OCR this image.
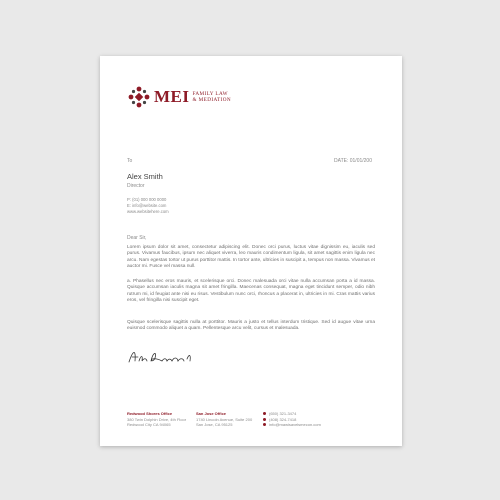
MEI FAMILY LAW
& MEDIATION
To	DATE: 01/01/200
Alex Smith
Director
P: (01) 000 000 0000
E: info@website.com
www.websitehere.com
Dear Sir,
Lorem ipsum dolor sit amet, consectetur adipiscing elit. Donec orci purus, luctus vitae dignissim eu, iaculis sed purus. Vivamus faucibus, ipsum nec aliquet viverra, leo mauris condimentum ligula, sit amet sagittis enim ligula nec arcu. Nam egestas tortor ut purus porttitor mattis. In tortor ante, ultricies in suscipit a, tempus non massa. Vivamus et auctor mi. Fusce vel massa null.
a. Phasellus nec eros mauris, et scelerisque orci. Donec malesuada orci vitae nulla accumsan porta a id massa. Quisque accumsan iaculis magna sit amet fringilla. Maecenas consequat, magna eget tincidunt semper, odio nibh rutrum mi, id feugiat ante nisi eu risus. Vestibulum nunc orci, rhoncus a placerat in, ultricies in mi. Cras mattis varius eros, vel fringilla nisi suscipit eget.
Quisque scelerisque sagittis nulla at porttitor. Mauris a justo et tellus interdum tristique. Sed id augue vitae urna euismod commodo aliquet a quam. Pellentesque arcu velit, cursus et malesuada.
Redwood Shores Office
380 Twin Dolphin Drive, 4th Floor
Redwood City CA 94065
San Jose Office
1740 Lincoln Avenue, Suite 200
San Jose, CA 95125
(650) 321-3474
(408) 324-7418
info@mawisavelsmecon.com
